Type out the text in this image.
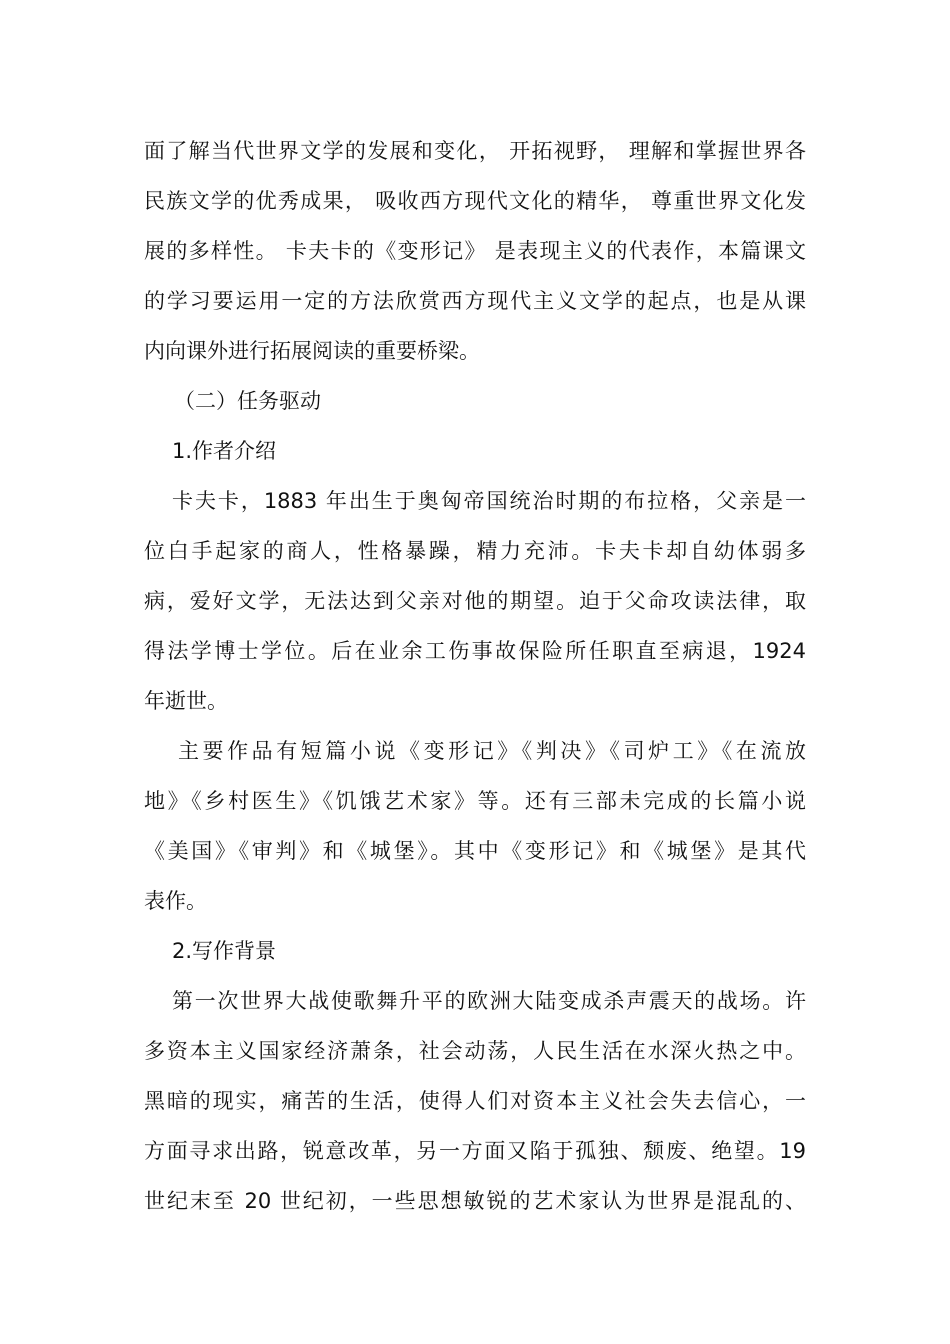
面了解当代世界文学的发展和变化， 开拓视野， 理解和掌握世界各
民族文学的优秀成果， 吸收西方现代文化的精华， 尊重世界文化发
展的多样性。 卡夫卡的《变形记》 是表现主义的代表作，本篇课文
的学习要运用一定的方法欣赏西方现代主义文学的起点，也是从课
内向课外进行拓展阅读的重要桥梁。
（二）任务驱动
1.作者介绍
卡夫卡，1883 年出生于奥匈帝国统治时期的布拉格，父亲是一
位白手起家的商人，性格暴躁，精力充沛。卡夫卡却自幼体弱多
病，爱好文学，无法达到父亲对他的期望。迫于父命攻读法律，取
得法学博士学位。后在业余工伤事故保险所任职直至病退，1924
年逝世。
主要作品有短篇小说《变形记》《判决》《司炉工》《在流放
地》《乡村医生》《饥饿艺术家》等。还有三部未完成的长篇小说
《美国》《审判》和《城堡》。其中《变形记》和《城堡》是其代
表作。
2.写作背景
第一次世界大战使歌舞升平的欧洲大陆变成杀声震天的战场。许
多资本主义国家经济萧条，社会动荡，人民生活在水深火热之中。
黑暗的现实，痛苦的生活，使得人们对资本主义社会失去信心，一
方面寻求出路，锐意改革，另一方面又陷于孤独、颓废、绝望。19
世纪末至 20 世纪初，一些思想敏锐的艺术家认为世界是混乱的、
